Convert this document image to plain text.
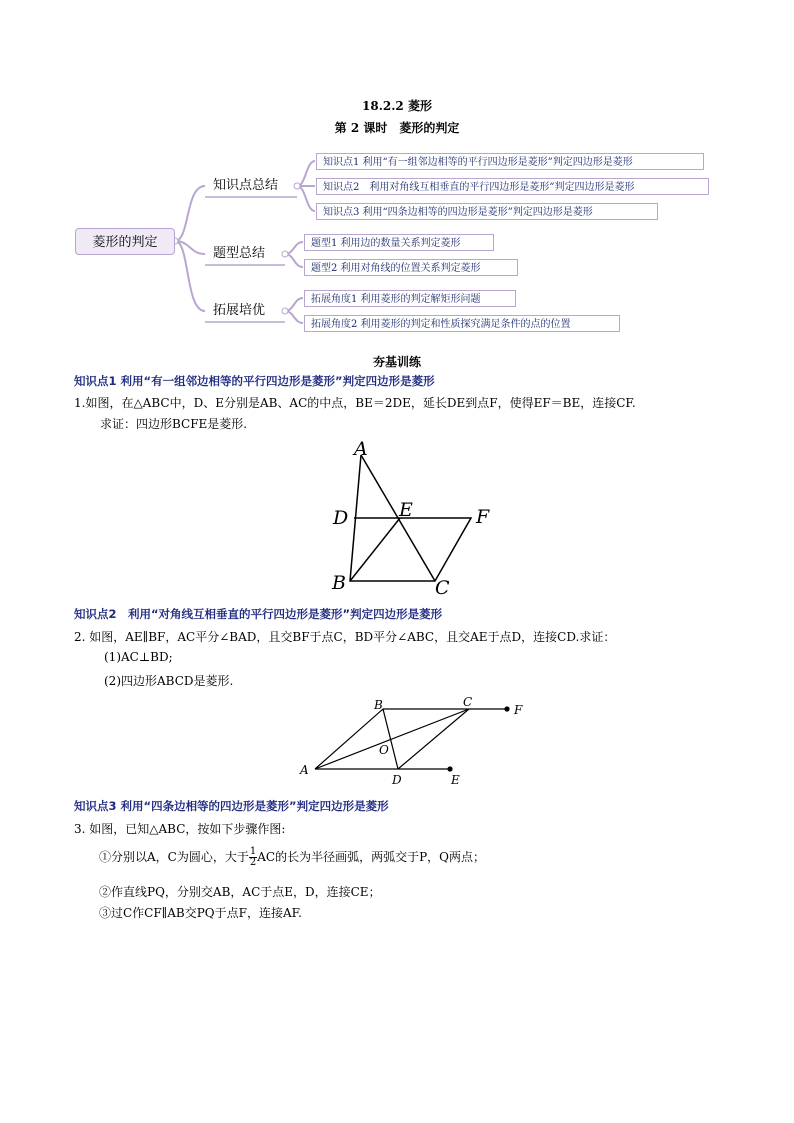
18.2.2 菱形
第 2 课时　菱形的判定
菱形的判定
知识点总结
题型总结
拓展培优
知识点1 利用“有一组邻边相等的平行四边形是菱形”判定四边形是菱形
知识点2　利用对角线互相垂直的平行四边形是菱形”判定四边形是菱形
知识点3 利用“四条边相等的四边形是菱形”判定四边形是菱形
题型1 利用边的数量关系判定菱形
题型2 利用对角线的位置关系判定菱形
拓展角度1 利用菱形的判定解矩形问题
拓展角度2 利用菱形的判定和性质探究满足条件的点的位置
夯基训练
知识点1 利用“有一组邻边相等的平行四边形是菱形”判定四边形是菱形
1.如图，在△ABC中，D、E分别是AB、AC的中点，BE＝2DE，延长DE到点F，使得EF＝BE，连接CF.
求证：四边形BCFE是菱形.
A
D	E	F
B	C
知识点2　利用“对角线互相垂直的平行四边形是菱形”判定四边形是菱形
2. 如图，AE∥BF，AC平分∠BAD，且交BF于点C，BD平分∠ABC，且交AE于点D，连接CD.求证：
(1)AC⊥BD;
(2)四边形ABCD是菱形.
B	C
F
O
A
D	E
知识点3 利用“四条边相等的四边形是菱形”判定四边形是菱形
3. 如图，已知△ABC，按如下步骤作图:
①分别以A，C为圆心，大于 $\frac{1}{2}$ AC的长为半径画弧，两弧交于P，Q两点；
②作直线PQ，分别交AB，AC于点E，D，连接CE；
③过C作CF∥AB交PQ于点F，连接AF.
